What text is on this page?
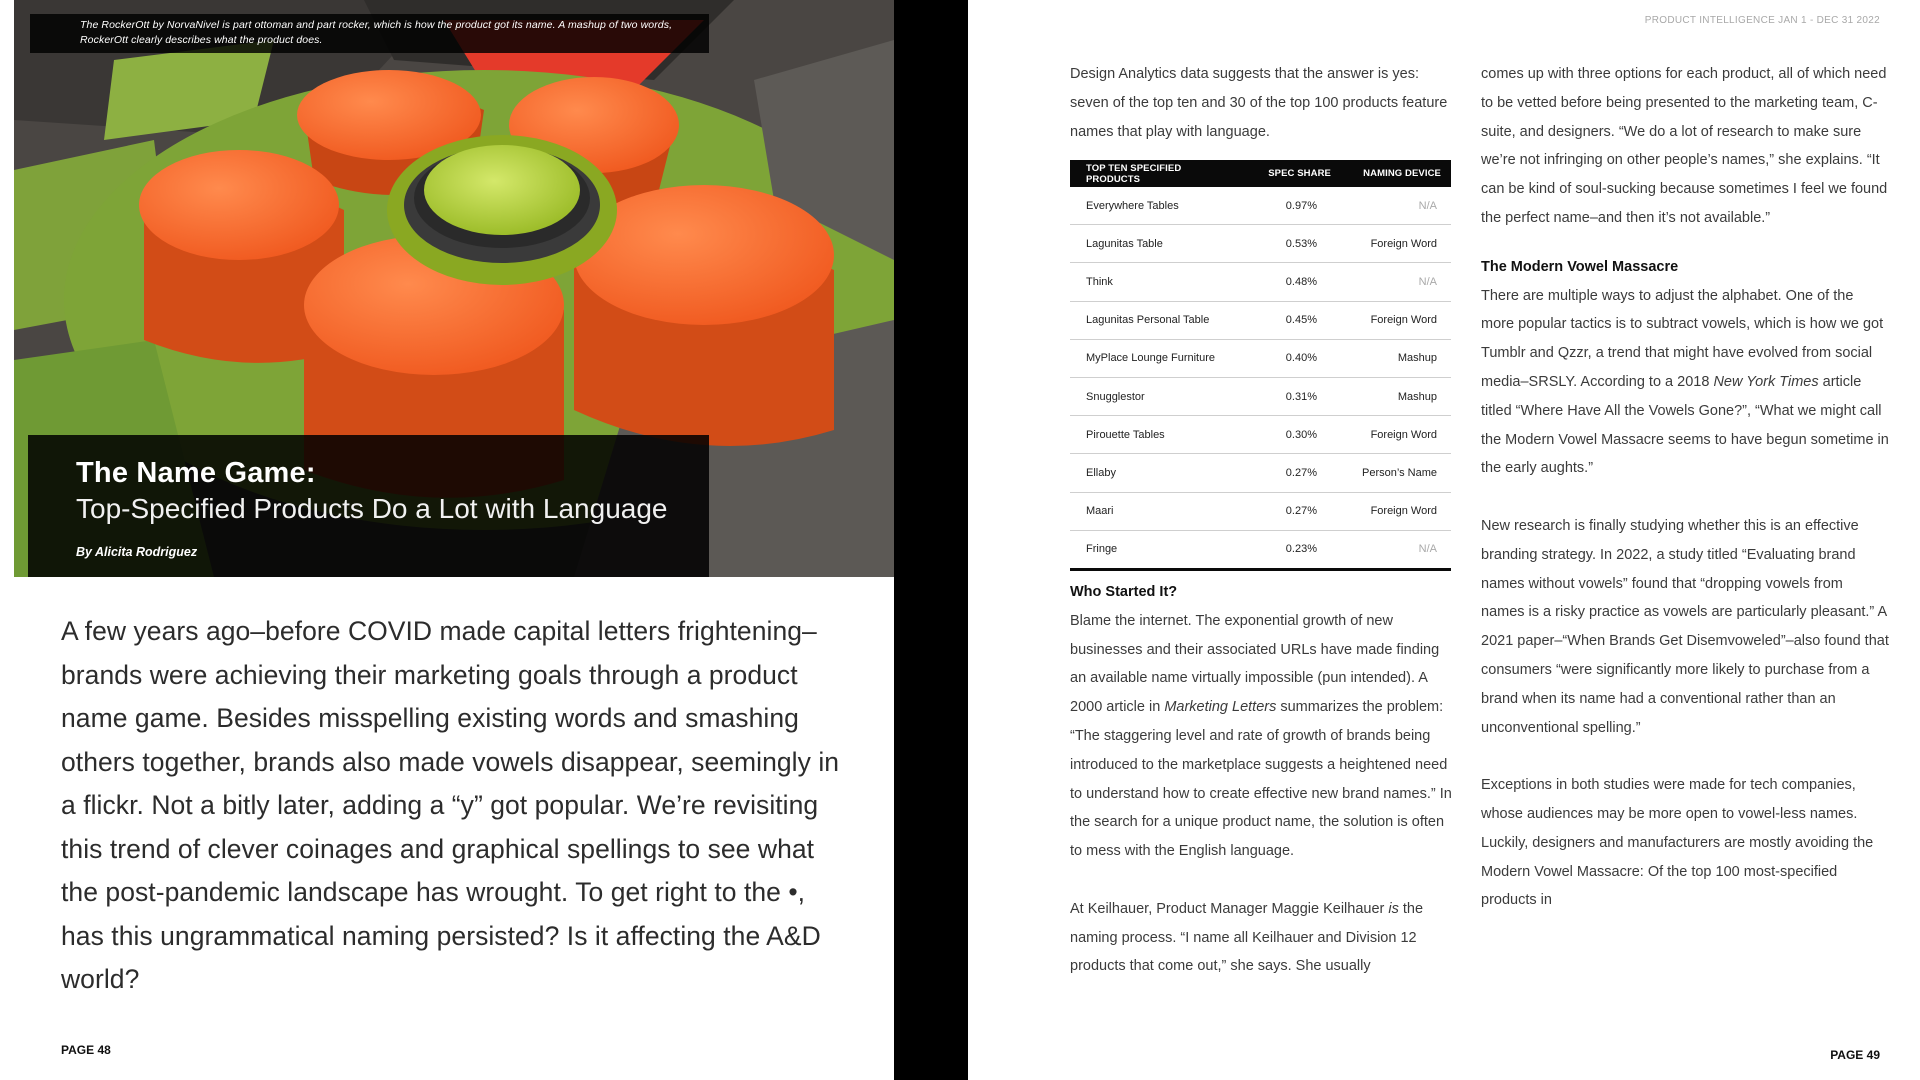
The RockerOtt by NorvaNivel is part ottoman and part rocker, which is how the product got its name. A mashup of two words, RockerOtt clearly describes what the product does.
The Name Game:
Top-Specified Products Do a Lot with Language
By Alicita Rodriguez

A few years ago–before COVID made capital letters frightening–brands were achieving their marketing goals through a product name game. Besides misspelling existing words and smashing others together, brands also made vowels disappear, seemingly in a flickr. Not a bitly later, adding a “y” got popular. We’re revisiting this trend of clever coinages and graphical spellings to see what the post-pandemic landscape has wrought. To get right to the •, has this ungrammatical naming persisted? Is it affecting the A&D world?

PAGE 48
PRODUCT INTELLIGENCE JAN 1 - DEC 31 2022

Design Analytics data suggests that the answer is yes: seven of the top ten and 30 of the top 100 products feature names that play with language.

TOP TEN SPECIFIED PRODUCTS	SPEC SHARE	NAMING DEVICE
Everywhere Tables	0.97%	N/A
Lagunitas Table	0.53%	Foreign Word
Think	0.48%	N/A
Lagunitas Personal Table	0.45%	Foreign Word
MyPlace Lounge Furniture	0.40%	Mashup
Snugglestor	0.31%	Mashup
Pirouette Tables	0.30%	Foreign Word
Ellaby	0.27%	Person’s Name
Maari	0.27%	Foreign Word
Fringe	0.23%	N/A
Who Started It?

Blame the internet. The exponential growth of new businesses and their associated URLs have made finding an available name virtually impossible (pun intended). A 2000 article in Marketing Letters summarizes the problem: “The staggering level and rate of growth of brands being introduced to the marketplace suggests a heightened need to understand how to create effective new brand names.” In the search for a unique product name, the solution is often to mess with the English language.

At Keilhauer, Product Manager Maggie Keilhauer is the naming process. “I name all Keilhauer and Division 12 products that come out,” she says. She usually

comes up with three options for each product, all of which need to be vetted before being presented to the marketing team, C-suite, and designers. “We do a lot of research to make sure we’re not infringing on other people’s names,” she explains. “It can be kind of soul-sucking because sometimes I feel we found the perfect name–and then it’s not available.”

The Modern Vowel Massacre

There are multiple ways to adjust the alphabet. One of the more popular tactics is to subtract vowels, which is how we got Tumblr and Qzzr, a trend that might have evolved from social media–SRSLY. According to a 2018 New York Times article titled “Where Have All the Vowels Gone?”, “What we might call the Modern Vowel Massacre seems to have begun sometime in the early aughts.”

New research is finally studying whether this is an effective branding strategy. In 2022, a study titled “Evaluating brand names without vowels” found that “dropping vowels from names is a risky practice as vowels are particularly pleasant.” A 2021 paper–“When Brands Get Disemvoweled”–also found that consumers “were significantly more likely to purchase from a brand when its name had a conventional rather than an unconventional spelling.”

Exceptions in both studies were made for tech companies, whose audiences may be more open to vowel-less names. Luckily, designers and manufacturers are mostly avoiding the Modern Vowel Massacre: Of the top 100 most-specified products in

PAGE 49
